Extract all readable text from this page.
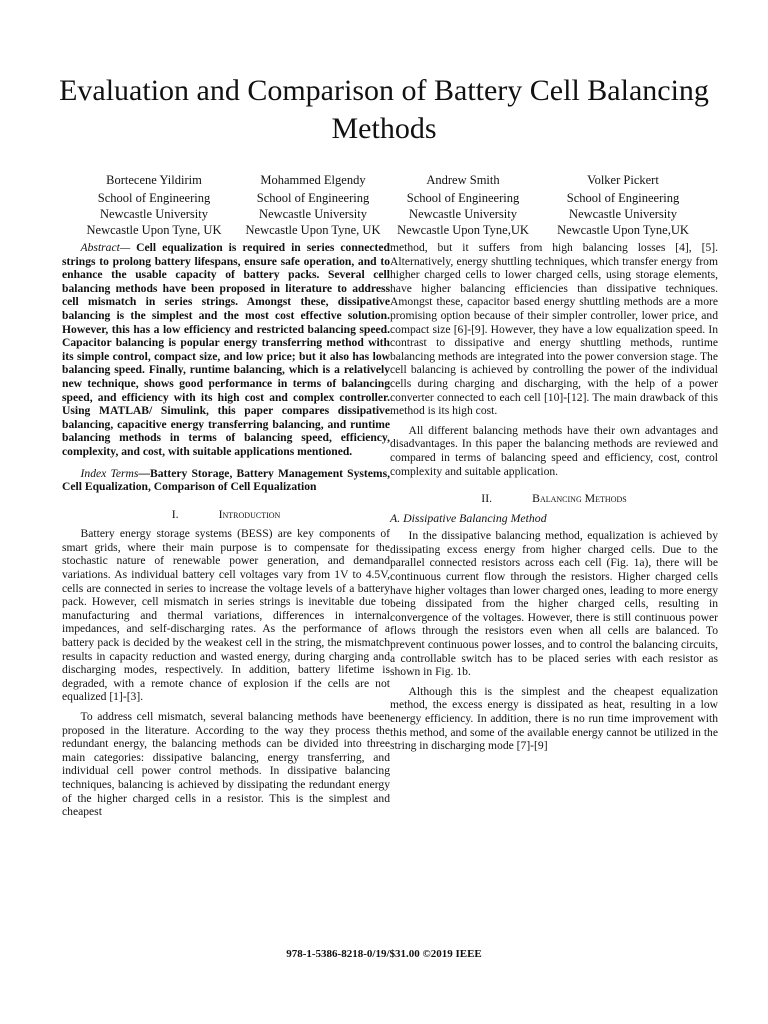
Evaluation and Comparison of Battery Cell Balancing Methods
Bortecene Yildirim
School of Engineering
Newcastle University
Newcastle Upon Tyne, UK
Mohammed Elgendy
School of Engineering
Newcastle University
Newcastle Upon Tyne, UK
Andrew Smith
School of Engineering
Newcastle University
Newcastle Upon Tyne,UK
Volker Pickert
School of Engineering
Newcastle University
Newcastle Upon Tyne,UK

Abstract— Cell equalization is required in series connected strings to prolong battery lifespans, ensure safe operation, and to enhance the usable capacity of battery packs. Several cell balancing methods have been proposed in literature to address cell mismatch in series strings. Amongst these, dissipative balancing is the simplest and the most cost effective solution. However, this has a low efficiency and restricted balancing speed. Capacitor balancing is popular energy transferring method with its simple control, compact size, and low price; but it also has low balancing speed. Finally, runtime balancing, which is a relatively new technique, shows good performance in terms of balancing speed, and efficiency with its high cost and complex controller. Using MATLAB/ Simulink, this paper compares dissipative balancing, capacitive energy transferring balancing, and runtime balancing methods in terms of balancing speed, efficiency, complexity, and cost, with suitable applications mentioned.

Index Terms—Battery Storage, Battery Management Systems, Cell Equalization, Comparison of Cell Equalization

I.	Introduction

Battery energy storage systems (BESS) are key components of smart grids, where their main purpose is to compensate for the stochastic nature of renewable power generation, and demand variations. As individual battery cell voltages vary from 1V to 4.5V, cells are connected in series to increase the voltage levels of a battery pack. However, cell mismatch in series strings is inevitable due to manufacturing and thermal variations, differences in internal impedances, and self-discharging rates. As the performance of a battery pack is decided by the weakest cell in the string, the mismatch results in capacity reduction and wasted energy, during charging and discharging modes, respectively. In addition, battery lifetime is degraded, with a remote chance of explosion if the cells are not equalized [1]-[3].

To address cell mismatch, several balancing methods have been proposed in the literature. According to the way they process the redundant energy, the balancing methods can be divided into three main categories: dissipative balancing, energy transferring, and individual cell power control methods. In dissipative balancing techniques, balancing is achieved by dissipating the redundant energy of the higher charged cells in a resistor. This is the simplest and cheapest

method, but it suffers from high balancing losses [4], [5]. Alternatively, energy shuttling techniques, which transfer energy from higher charged cells to lower charged cells, using storage elements, have higher balancing efficiencies than dissipative techniques. Amongst these, capacitor based energy shuttling methods are a more promising option because of their simpler controller, lower price, and compact size [6]-[9]. However, they have a low equalization speed. In contrast to dissipative and energy shuttling methods, runtime balancing methods are integrated into the power conversion stage. The cell balancing is achieved by controlling the power of the individual cells during charging and discharging, with the help of a power converter connected to each cell [10]-[12]. The main drawback of this method is its high cost.

All different balancing methods have their own advantages and disadvantages. In this paper the balancing methods are reviewed and compared in terms of balancing speed and efficiency, cost, control complexity and suitable application.

II.	Balancing Methods
A. Dissipative Balancing Method

In the dissipative balancing method, equalization is achieved by dissipating excess energy from higher charged cells. Due to the parallel connected resistors across each cell (Fig. 1a), there will be continuous current flow through the resistors. Higher charged cells have higher voltages than lower charged ones, leading to more energy being dissipated from the higher charged cells, resulting in convergence of the voltages. However, there is still continuous power flows through the resistors even when all cells are balanced. To prevent continuous power losses, and to control the balancing circuits, a controllable switch has to be placed series with each resistor as shown in Fig. 1b.

Although this is the simplest and the cheapest equalization method, the excess energy is dissipated as heat, resulting in a low energy efficiency. In addition, there is no run time improvement with this method, and some of the available energy cannot be utilized in the string in discharging mode [7]-[9]

978-1-5386-8218-0/19/$31.00 ©2019 IEEE
